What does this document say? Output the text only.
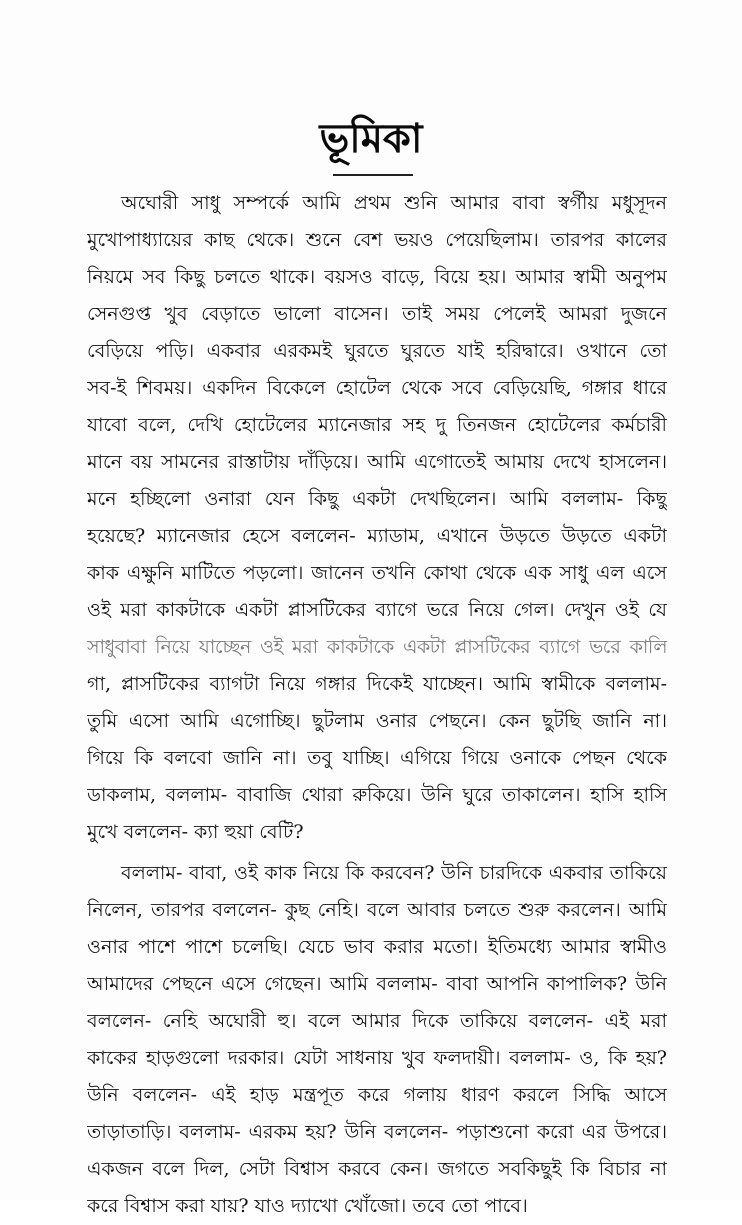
ভূমিকা
অঘোরী সাধু সম্পর্কে আমি প্রথম শুনি আমার বাবা স্বর্গীয় মধুসূদন
মুখোপাধ্যায়ের কাছ থেকে। শুনে বেশ ভয়ও পেয়েছিলাম। তারপর কালের
নিয়মে সব কিছু চলতে থাকে। বয়সও বাড়ে, বিয়ে হয়। আমার স্বামী অনুপম
সেনগুপ্ত খুব বেড়াতে ভালো বাসেন। তাই সময় পেলেই আমরা দুজনে
বেড়িয়ে পড়ি। একবার এরকমই ঘুরতে ঘুরতে যাই হরিদ্বারে। ওখানে তো
সব-ই শিবময়। একদিন বিকেলে হোটেল থেকে সবে বেড়িয়েছি, গঙ্গার ধারে
যাবো বলে, দেখি হোটেলের ম্যানেজার সহ দু তিনজন হোটেলের কর্মচারী
মানে বয় সামনের রাস্তাটায় দাঁড়িয়ে। আমি এগোতেই আমায় দেখে হাসলেন।
মনে হচ্ছিলো ওনারা যেন কিছু একটা দেখছিলেন। আমি বললাম- কিছু
হয়েছে? ম্যানেজার হেসে বললেন- ম্যাডাম, এখানে উড়তে উড়তে একটা
কাক এক্ষুনি মাটিতে পড়লো। জানেন তখনি কোথা থেকে এক সাধু এল এসে
ওই মরা কাকটাকে একটা প্লাসটিকের ব্যাগে ভরে নিয়ে গেল। দেখুন ওই যে
সাধুবাবা নিয়ে যাচ্ছেন ওই মরা কাকটাকে একটা প্লাসটিকের ব্যাগে ভরে কালি
গা, প্লাসটিকের ব্যাগটা নিয়ে গঙ্গার দিকেই যাচ্ছেন। আমি স্বামীকে বললাম-
তুমি এসো আমি এগোচ্ছি। ছুটলাম ওনার পেছনে। কেন ছুটছি জানি না।
গিয়ে কি বলবো জানি না। তবু যাচ্ছি। এগিয়ে গিয়ে ওনাকে পেছন থেকে
ডাকলাম, বললাম- বাবাজি থোরা রুকিয়ে। উনি ঘুরে তাকালেন। হাসি হাসি
মুখে বললেন- ক্যা হুয়া বেটি?
বললাম- বাবা, ওই কাক নিয়ে কি করবেন? উনি চারদিকে একবার তাকিয়ে
নিলেন, তারপর বললেন- কুছ নেহি। বলে আবার চলতে শুরু করলেন। আমি
ওনার পাশে পাশে চলেছি। যেচে ভাব করার মতো। ইতিমধ্যে আমার স্বামীও
আমাদের পেছনে এসে গেছেন। আমি বললাম- বাবা আপনি কাপালিক? উনি
বললেন- নেহি অঘোরী হু। বলে আমার দিকে তাকিয়ে বললেন- এই মরা
কাকের হাড়গুলো দরকার। যেটা সাধনায় খুব ফলদায়ী। বললাম- ও, কি হয়?
উনি বললেন- এই হাড় মন্ত্রপূত করে গলায় ধারণ করলে সিদ্ধি আসে
তাড়াতাড়ি। বললাম- এরকম হয়? উনি বললেন- পড়াশুনো করো এর উপরে।
একজন বলে দিল, সেটা বিশ্বাস করবে কেন। জগতে সবকিছুই কি বিচার না
করে বিশ্বাস করা যায়? যাও দ্যাখো খোঁজো। তবে তো পাবে।
